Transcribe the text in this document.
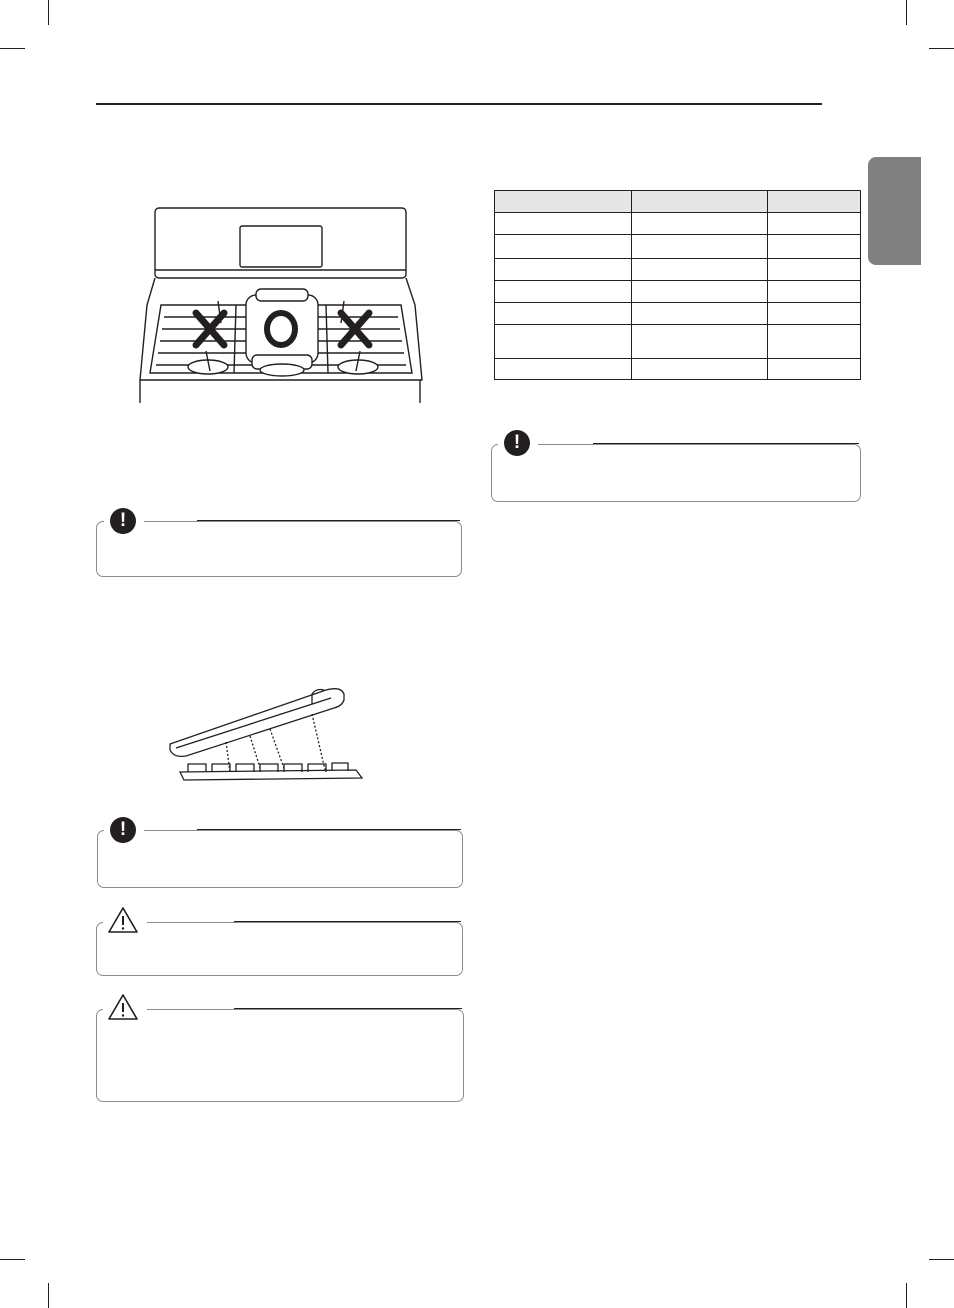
!
!

!
